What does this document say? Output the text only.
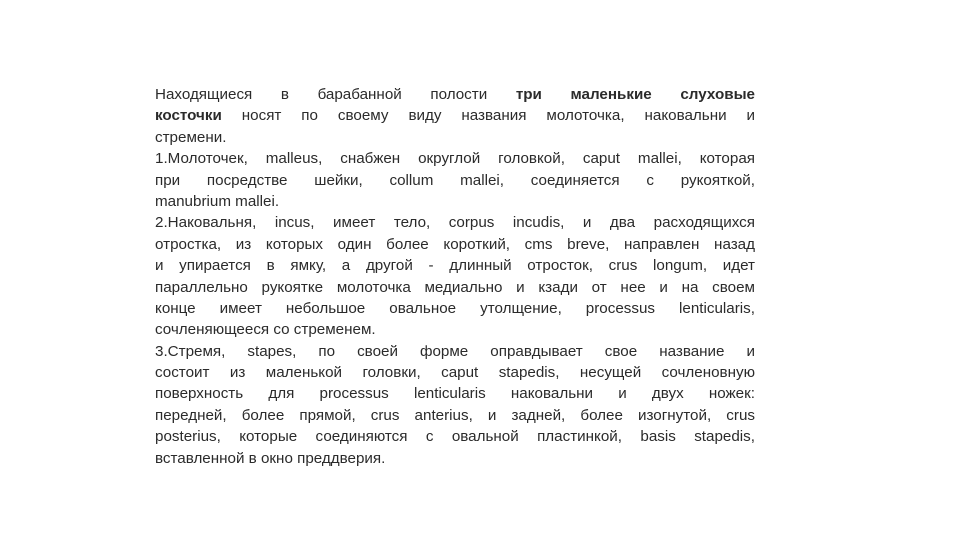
Находящиеся в барабанной полости три маленькие слуховые
косточки носят по своему виду названия молоточка, наковальни и
стремени.
1.Молоточек, malleus, снабжен округлой головкой, caput mallei, которая
при посредстве шейки, collum mallei, соединяется с рукояткой,
manubrium mallei.
2.Наковальня, incus, имеет тело, corpus incudis, и два расходящихся
отростка, из которых один более короткий, cms breve, направлен назад
и упирается в ямку, а другой - длинный отросток, crus longum, идет
параллельно рукоятке молоточка медиально и кзади от нее и на своем
конце имеет небольшое овальное утолщение, processus lenticularis,
сочленяющееся со стременем.
3.Стремя, stapes, по своей форме оправдывает свое название и
состоит из маленькой головки, caput stapedis, несущей сочленовную
поверхность для processus lenticularis наковальни и двух ножек:
передней, более прямой, crus anterius, и задней, более изогнутой, crus
posterius, которые соединяются с овальной пластинкой, basis stapedis,
вставленной в окно преддверия.
